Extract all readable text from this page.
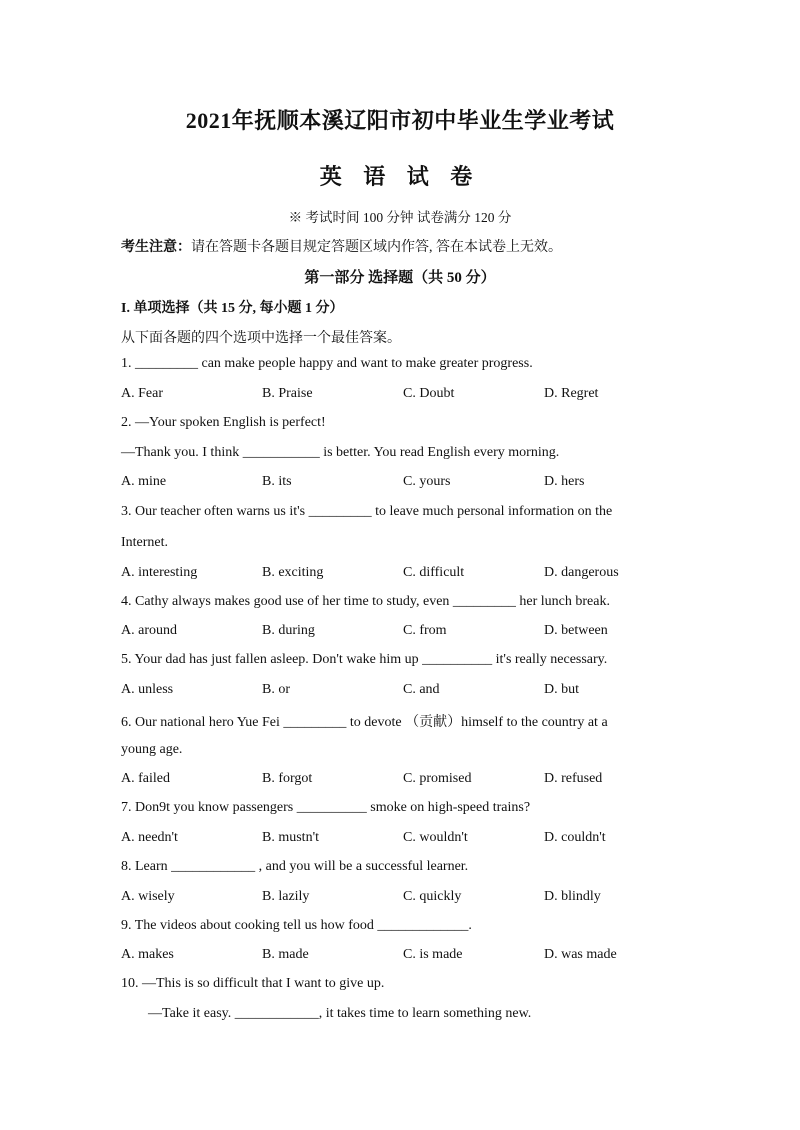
2021年抚顺本溪辽阳市初中毕业生学业考试
英 语 试 卷
※ 考试时间 100 分钟 试卷满分 120 分
考生注意：请在答题卡各题目规定答题区域内作答, 答在本试卷上无效。
第一部分 选择题（共 50 分）
I. 单项选择（共 15 分, 每小题 1 分）
从下面各题的四个选项中选择一个最佳答案。
1. _________ can make people happy and want to make greater progress.
A. Fear	B. Praise	C. Doubt	D. Regret
2. —Your spoken English is perfect!
—Thank you. I think ___________ is better. You read English every morning.
A. mine	B. its	C. yours	D. hers
3. Our teacher often warns us it's _________ to leave much personal information on the
Internet.
A. interesting	B. exciting	C. difficult	D. dangerous
4. Cathy always makes good use of her time to study, even _________ her lunch break.
A. around	B. during	C. from	D. between
5. Your dad has just fallen asleep. Don't wake him up __________ it's really necessary.
A. unless	B. or	C. and	D. but
6. Our national hero Yue Fei _________ to devote （贡献）himself to the country at a
young age.
A. failed	B. forgot	C. promised	D. refused
7. Don9t you know passengers __________ smoke on high-speed trains?
A. needn't	B. mustn't	C. wouldn't	D. couldn't
8. Learn ____________ , and you will be a successful learner.
A. wisely	B. lazily	C. quickly	D. blindly
9. The videos about cooking tell us how food _____________.
A. makes	B. made	C. is made	D. was made
10. —This is so difficult that I want to give up.
—Take it easy. ____________, it takes time to learn something new.
